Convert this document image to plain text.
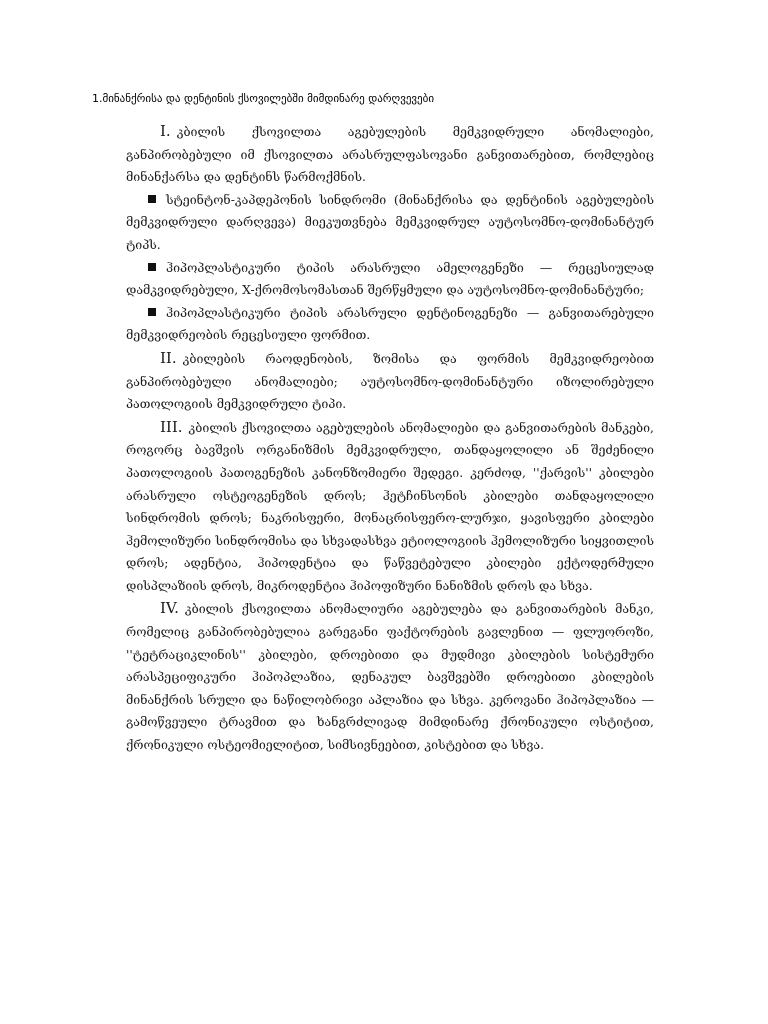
1.მინანქრისა და დენტინის ქსოვილებში მიმდინარე დარღვევები

I. კბილის ქსოვილთა აგებულების მემკვიდრული ანომალიები, განპირობებული იმ ქსოვილთა არასრულფასოვანი განვითარებით, რომლებიც მინანქარსა და დენტინს წარმოქმნის.

სტეინტონ-კაპდეპონის სინდრომი (მინანქრისა და დენტინის აგებულების მემკვიდრული დარღვევა) მიეკუთვნება მემკვიდრულ აუტოსომნო-დომინანტურ ტიპს.

ჰიპოპლასტიკური ტიპის არასრული ამელოგენეზი — რეცესიულად დამკვიდრებული, X-ქრომოსომასთან შერწყმული და აუტოსომნო-დომინანტური;

ჰიპოპლასტიკური ტიპის არასრული დენტინოგენეზი — განვითარებული მემკვიდრეობის რეცესიული ფორმით.

II. კბილების რაოდენობის, ზომისა და ფორმის მემკვიდრეობით განპირობებული ანომალიები; აუტოსომნო-დომინანტური იზოლირებული პათოლოგიის მემკვიდრული ტიპი.

III. კბილის ქსოვილთა აგებულების ანომალიები და განვითარების მანკები, როგორც ბავშვის ორგანიზმის მემკვიდრული, თანდაყოლილი ან შეძენილი პათოლოგიის პათოგენეზის კანონზომიერი შედეგი. კერძოდ, ''ქარვის'' კბილები არასრული ოსტეოგენეზის დროს; ჰეტჩინსონის კბილები თანდაყოლილი სინდრომის დროს; ნაკრისფერი, მონაცრისფერო-ლურჯი, ყავისფერი კბილები ჰემოლიზური სინდრომისა და სხვადასხვა ეტიოლოგიის ჰემოლიზური სიყვითლის დროს; ადენტია, ჰიპოდენტია და წაწვეტებული კბილები ექტოდერმული დისპლაზიის დროს, მიკროდენტია ჰიპოფიზური ნანიზმის დროს და სხვა.

IV. კბილის ქსოვილთა ანომალიური აგებულება და განვითარების მანკი, რომელიც განპირობებულია გარეგანი ფაქტორების გავლენით — ფლუოროზი, ''ტეტრაციკლინის'' კბილები, დროებითი და მუდმივი კბილების სისტემური არასპეციფიკური ჰიპოპლაზია, დენაკულ ბავშვებში დროებითი კბილების მინანქრის სრული და ნაწილობრივი აპლაზია და სხვა. კეროვანი ჰიპოპლაზია — გამოწვეული ტრავმით და ხანგრძლივად მიმდინარე ქრონიკული ოსტიტით, ქრონიკული ოსტეომიელიტით, სიმსივნეებით, კისტებით და სხვა.
